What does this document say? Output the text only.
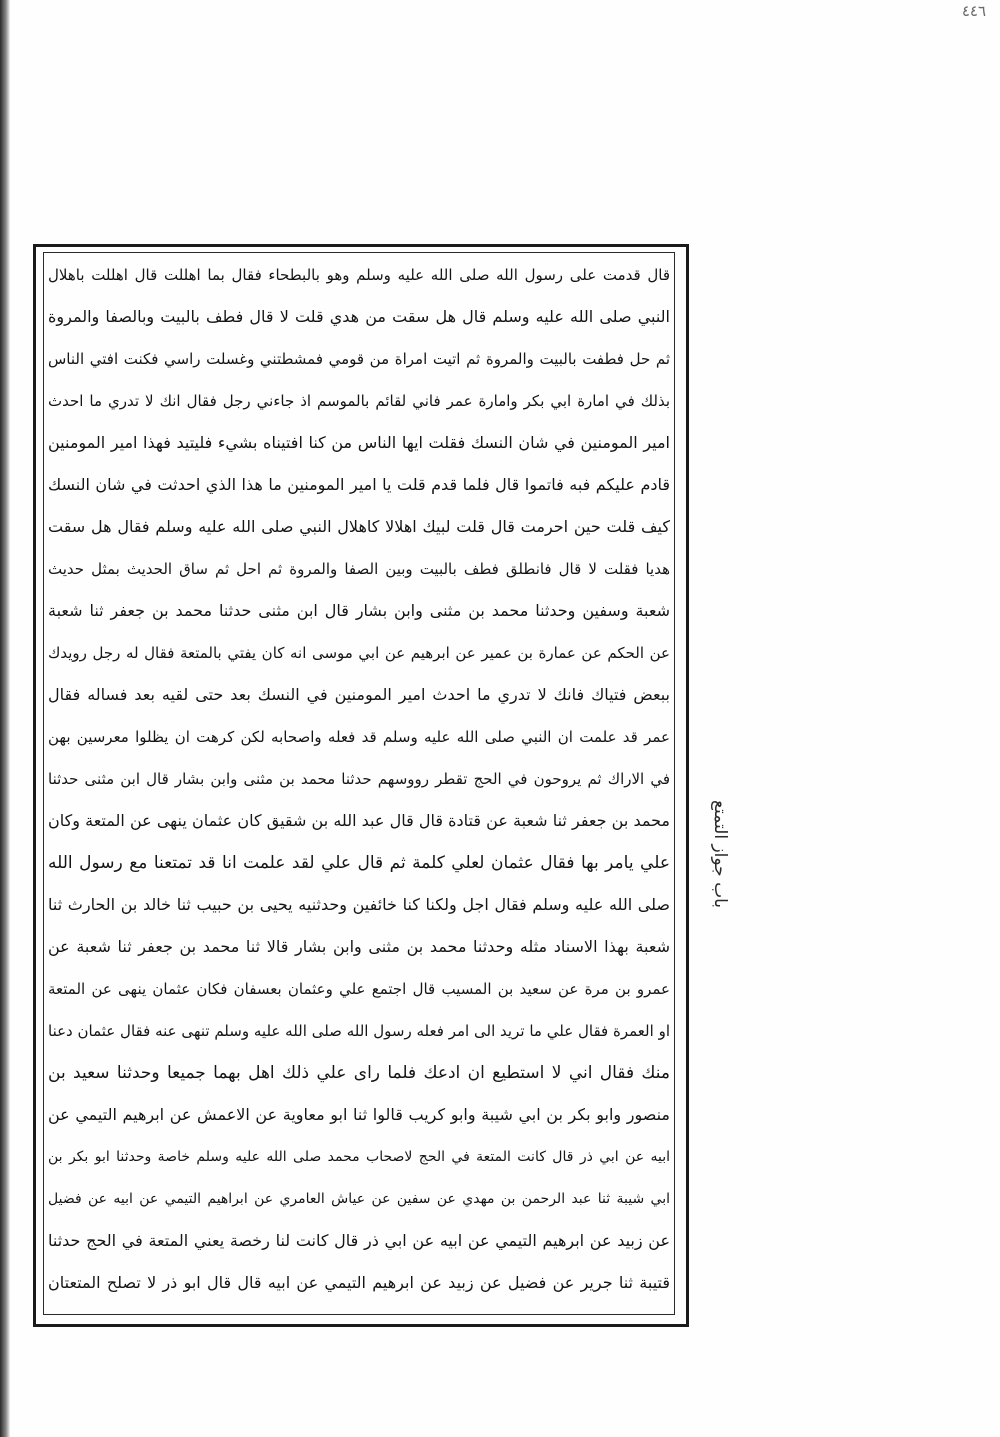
٤٤٦
قال قدمت على رسول الله صلى الله عليه وسلم وهو بالبطحاء فقال بما اهللت قال اهللت باهلال
النبي صلى الله عليه وسلم قال هل سقت من هدي قلت لا قال فطف بالبيت وبالصفا والمروة
ثم حل فطفت بالبيت والمروة ثم اتيت امراة من قومي فمشطتني وغسلت راسي فكنت افتي الناس
بذلك في امارة ابي بكر وامارة عمر فاني لقائم بالموسم اذ جاءني رجل فقال انك لا تدري ما احدث
امير المومنين في شان النسك فقلت ايها الناس من كنا افتيناه بشيء فليتيد فهذا امير المومنين
قادم عليكم فبه فاتموا قال فلما قدم قلت يا امير المومنين ما هذا الذي احدثت في شان النسك
كيف قلت حين احرمت قال قلت لبيك اهلالا كاهلال النبي صلى الله عليه وسلم فقال هل سقت
هديا فقلت لا قال فانطلق فطف بالبيت وبين الصفا والمروة ثم احل ثم ساق الحديث بمثل حديث
شعبة وسفين وحدثنا محمد بن مثنى وابن بشار قال ابن مثنى حدثنا محمد بن جعفر ثنا شعبة
عن الحكم عن عمارة بن عمير عن ابرهيم عن ابي موسى انه كان يفتي بالمتعة فقال له رجل رويدك
ببعض فتياك فانك لا تدري ما احدث امير المومنين في النسك بعد حتى لقيه بعد فساله فقال
عمر قد علمت ان النبي صلى الله عليه وسلم قد فعله واصحابه لكن كرهت ان يظلوا معرسين بهن
في الاراك ثم يروحون في الحج تقطر رووسهم حدثنا محمد بن مثنى وابن بشار قال ابن مثنى حدثنا
محمد بن جعفر ثنا شعبة عن قتادة قال قال عبد الله بن شقيق كان عثمان ينهى عن المتعة وكان
علي يامر بها فقال عثمان لعلي كلمة ثم قال علي لقد علمت انا قد تمتعنا مع رسول الله
صلى الله عليه وسلم فقال اجل ولكنا كنا خائفين وحدثنيه يحيى بن حبيب ثنا خالد بن الحارث ثنا
شعبة بهذا الاسناد مثله وحدثنا محمد بن مثنى وابن بشار قالا ثنا محمد بن جعفر ثنا شعبة عن
عمرو بن مرة عن سعيد بن المسيب قال اجتمع علي وعثمان بعسفان فكان عثمان ينهى عن المتعة
او العمرة فقال علي ما تريد الى امر فعله رسول الله صلى الله عليه وسلم تنهى عنه فقال عثمان دعنا
منك فقال اني لا استطيع ان ادعك فلما راى علي ذلك اهل بهما جميعا وحدثنا سعيد بن
منصور وابو بكر بن ابي شيبة وابو كريب قالوا ثنا ابو معاوية عن الاعمش عن ابرهيم التيمي عن
ابيه عن ابي ذر قال كانت المتعة في الحج لاصحاب محمد صلى الله عليه وسلم خاصة وحدثنا ابو بكر بن
ابي شيبة ثنا عبد الرحمن بن مهدي عن سفين عن عياش العامري عن ابراهيم التيمي عن ابيه عن فضيل
عن زبيد عن ابرهيم التيمي عن ابيه عن ابي ذر قال كانت لنا رخصة يعني المتعة في الحج حدثنا
قتيبة ثنا جرير عن فضيل عن زبيد عن ابرهيم التيمي عن ابيه قال قال ابو ذر لا تصلح المتعتان
باب جواز التمتع
